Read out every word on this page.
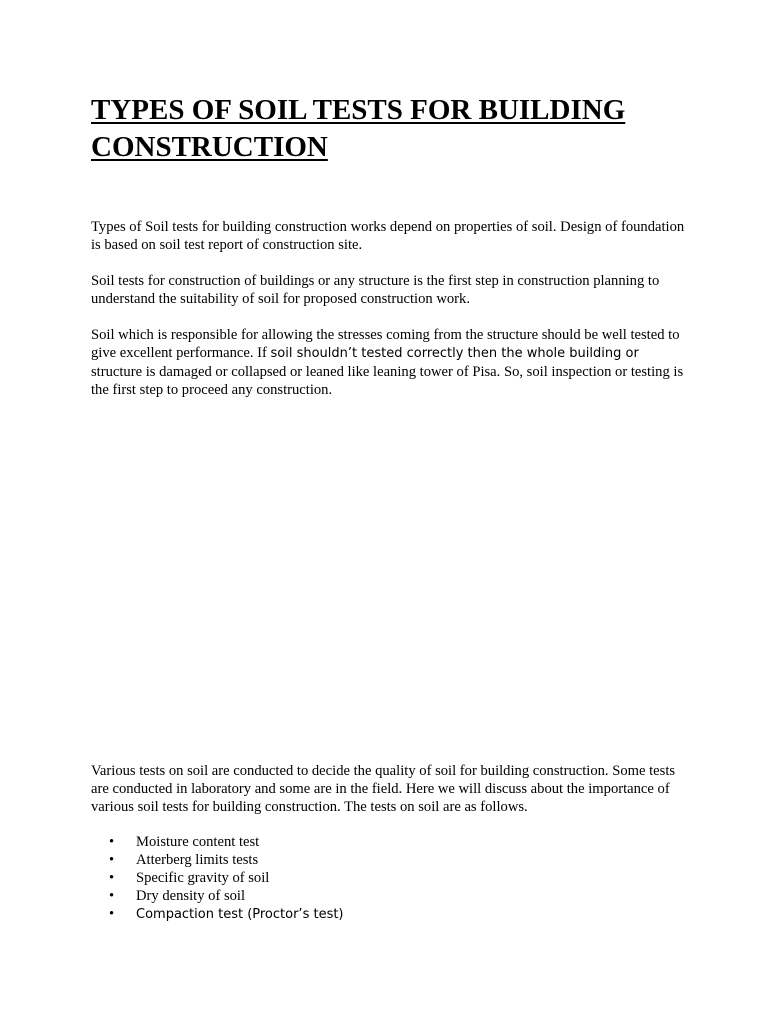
TYPES OF SOIL TESTS FOR BUILDING CONSTRUCTION

Types of Soil tests for building construction works depend on properties of soil. Design of foundation is based on soil test report of construction site.

Soil tests for construction of buildings or any structure is the first step in construction planning to understand the suitability of soil for proposed construction work.

Soil which is responsible for allowing the stresses coming from the structure should be well tested to give excellent performance. If soil shouldn’t tested correctly then the whole building or structure is damaged or collapsed or leaned like leaning tower of Pisa. So, soil inspection or testing is the first step to proceed any construction.

Various tests on soil are conducted to decide the quality of soil for building construction. Some tests are conducted in laboratory and some are in the field. Here we will discuss about the importance of various soil tests for building construction. The tests on soil are as follows.

• Moisture content test
• Atterberg limits tests
• Specific gravity of soil
• Dry density of soil
• Compaction test (Proctor’s test)
